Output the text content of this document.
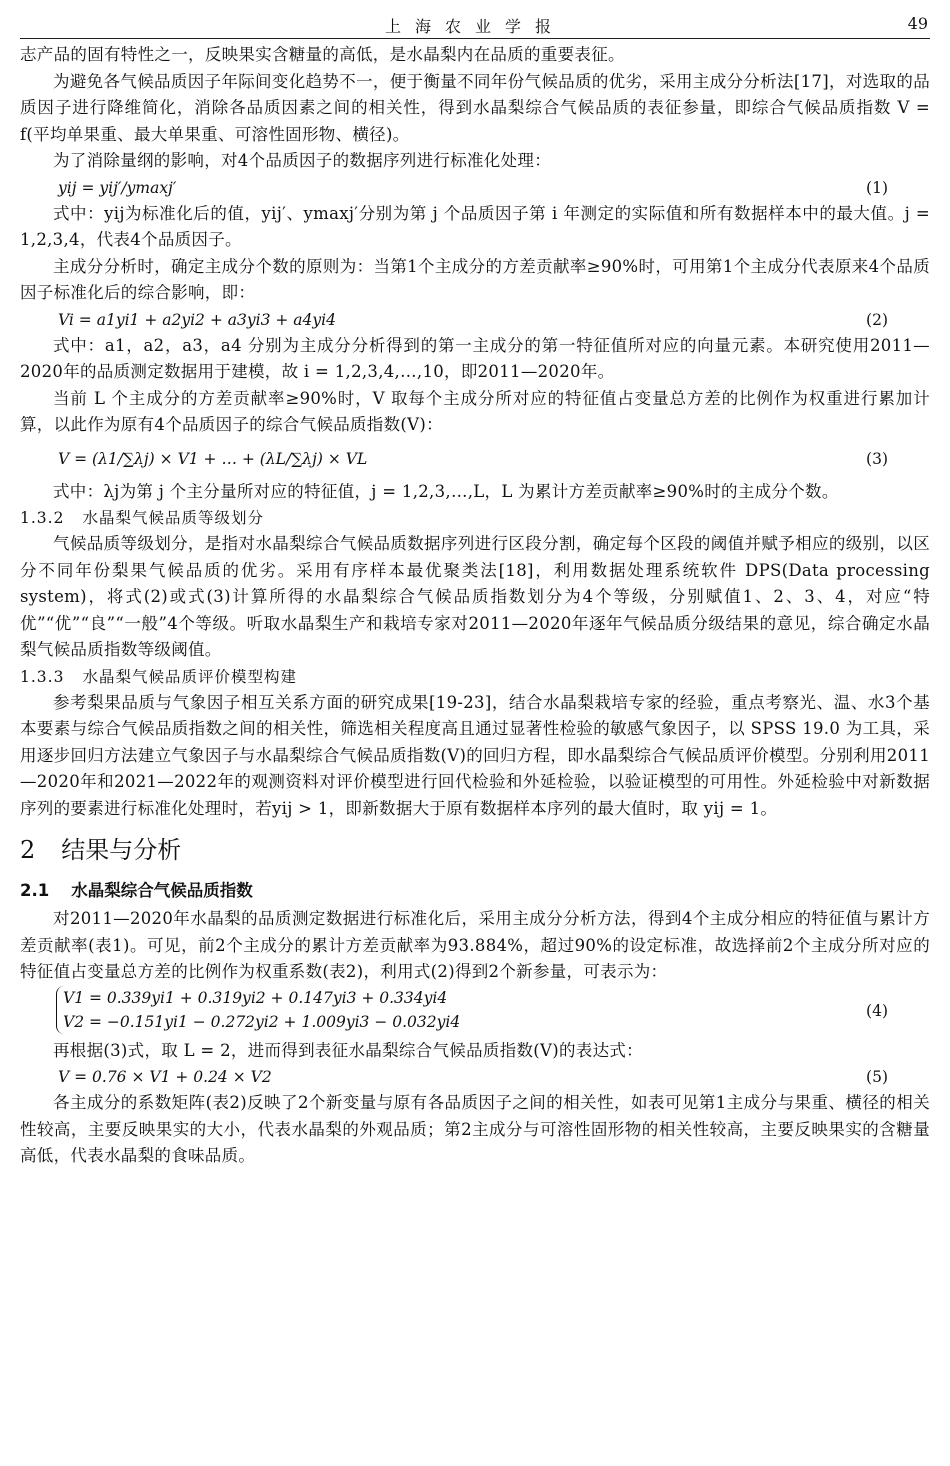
上海农业学报	49

志产品的固有特性之一，反映果实含糖量的高低，是水晶梨内在品质的重要表征。

为避免各气候品质因子年际间变化趋势不一，便于衡量不同年份气候品质的优劣，采用主成分分析法[17]，对选取的品质因子进行降维简化，消除各品质因素之间的相关性，得到水晶梨综合气候品质的表征参量，即综合气候品质指数 V = f(平均单果重、最大单果重、可溶性固形物、横径)。

为了消除量纲的影响，对4个品质因子的数据序列进行标准化处理：

yij = yij′/ymaxj′	(1)

式中：yij为标准化后的值，yij′、ymaxj′分别为第 j 个品质因子第 i 年测定的实际值和所有数据样本中的最大值。j = 1,2,3,4，代表4个品质因子。

主成分分析时，确定主成分个数的原则为：当第1个主成分的方差贡献率≥90%时，可用第1个主成分代表原来4个品质因子标准化后的综合影响，即：

Vi = a1yi1 + a2yi2 + a3yi3 + a4yi4	(2)

式中：a1，a2，a3，a4 分别为主成分分析得到的第一主成分的第一特征值所对应的向量元素。本研究使用2011—2020年的品质测定数据用于建模，故 i = 1,2,3,4,…,10，即2011—2020年。

当前 L 个主成分的方差贡献率≥90%时，V 取每个主成分所对应的特征值占变量总方差的比例作为权重进行累加计算，以此作为原有4个品质因子的综合气候品质指数(V)：

V = (λ1/∑λj) × V1 + … + (λL/∑λj) × VL	(3)

式中：λj为第 j 个主分量所对应的特征值，j = 1,2,3,…,L，L 为累计方差贡献率≥90%时的主成分个数。

1.3.2 水晶梨气候品质等级划分

气候品质等级划分，是指对水晶梨综合气候品质数据序列进行区段分割，确定每个区段的阈值并赋予相应的级别，以区分不同年份梨果气候品质的优劣。采用有序样本最优聚类法[18]，利用数据处理系统软件 DPS(Data processing system)，将式(2)或式(3)计算所得的水晶梨综合气候品质指数划分为4个等级，分别赋值1、2、3、4，对应“特优”“优”“良”“一般”4个等级。听取水晶梨生产和栽培专家对2011—2020年逐年气候品质分级结果的意见，综合确定水晶梨气候品质指数等级阈值。

1.3.3 水晶梨气候品质评价模型构建

参考梨果品质与气象因子相互关系方面的研究成果[19-23]，结合水晶梨栽培专家的经验，重点考察光、温、水3个基本要素与综合气候品质指数之间的相关性，筛选相关程度高且通过显著性检验的敏感气象因子，以 SPSS 19.0 为工具，采用逐步回归方法建立气象因子与水晶梨综合气候品质指数(V)的回归方程，即水晶梨综合气候品质评价模型。分别利用2011—2020年和2021—2022年的观测资料对评价模型进行回代检验和外延检验，以验证模型的可用性。外延检验中对新数据序列的要素进行标准化处理时，若yij > 1，即新数据大于原有数据样本序列的最大值时，取 yij = 1。

2 结果与分析
2.1 水晶梨综合气候品质指数

对2011—2020年水晶梨的品质测定数据进行标准化后，采用主成分分析方法，得到4个主成分相应的特征值与累计方差贡献率(表1)。可见，前2个主成分的累计方差贡献率为93.884%，超过90%的设定标准，故选择前2个主成分所对应的特征值占变量总方差的比例作为权重系数(表2)，利用式(2)得到2个新参量，可表示为：

V1 = 0.339yi1 + 0.319yi2 + 0.147yi3 + 0.334yi4
V2 = −0.151yi1 − 0.272yi2 + 1.009yi3 − 0.032yi4
(4)

再根据(3)式，取 L = 2，进而得到表征水晶梨综合气候品质指数(V)的表达式：

V = 0.76 × V1 + 0.24 × V2	(5)

各主成分的系数矩阵(表2)反映了2个新变量与原有各品质因子之间的相关性，如表可见第1主成分与果重、横径的相关性较高，主要反映果实的大小，代表水晶梨的外观品质；第2主成分与可溶性固形物的相关性较高，主要反映果实的含糖量高低，代表水晶梨的食味品质。
